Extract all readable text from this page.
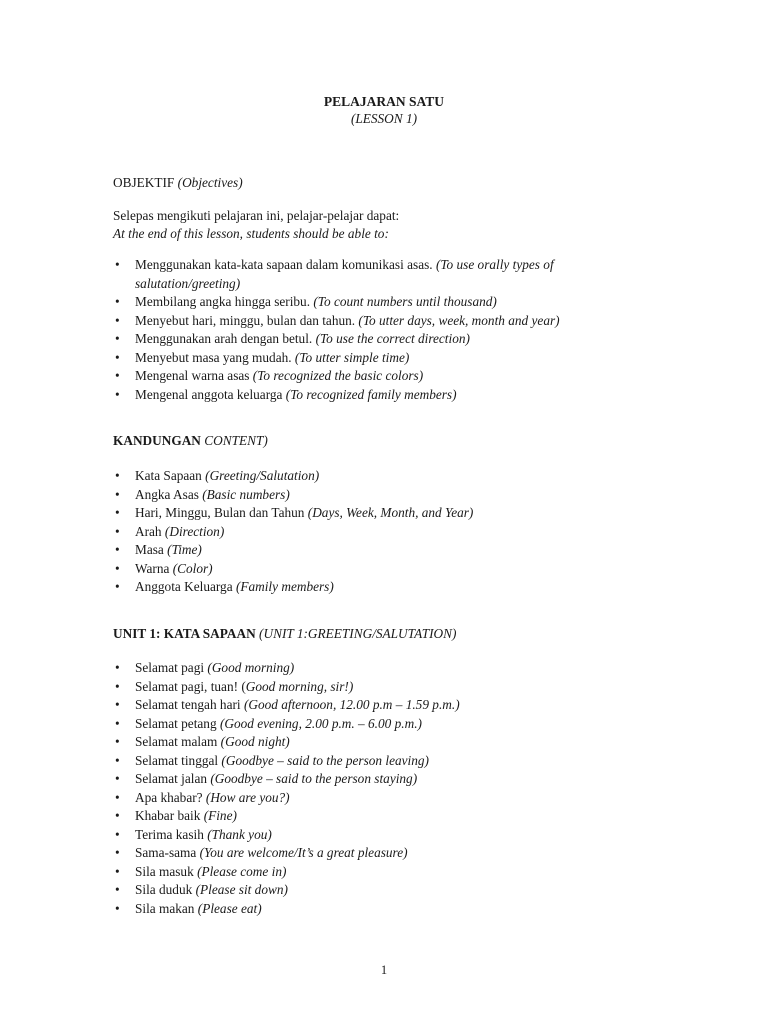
PELAJARAN SATU
(LESSON 1)
OBJEKTIF (Objectives)
Selepas mengikuti pelajaran ini, pelajar-pelajar dapat:
At the end of this lesson, students should be able to:
• Menggunakan kata-kata sapaan dalam komunikasi asas. (To use orally types of salutation/greeting)
• Membilang angka hingga seribu. (To count numbers until thousand)
• Menyebut hari, minggu, bulan dan tahun. (To utter days, week, month and year)
• Menggunakan arah dengan betul. (To use the correct direction)
• Menyebut masa yang mudah. (To utter simple time)
• Mengenal warna asas (To recognized the basic colors)
• Mengenal anggota keluarga (To recognized family members)
KANDUNGAN CONTENT)
• Kata Sapaan (Greeting/Salutation)
• Angka Asas (Basic numbers)
• Hari, Minggu, Bulan dan Tahun (Days, Week, Month, and Year)
• Arah (Direction)
• Masa (Time)
• Warna (Color)
• Anggota Keluarga (Family members)
UNIT 1: KATA SAPAAN (UNIT 1:GREETING/SALUTATION)
• Selamat pagi (Good morning)
• Selamat pagi, tuan! (Good morning, sir!)
• Selamat tengah hari (Good afternoon, 12.00 p.m – 1.59 p.m.)
• Selamat petang (Good evening, 2.00 p.m. – 6.00 p.m.)
• Selamat malam (Good night)
• Selamat tinggal (Goodbye – said to the person leaving)
• Selamat jalan (Goodbye – said to the person staying)
• Apa khabar? (How are you?)
• Khabar baik (Fine)
• Terima kasih (Thank you)
• Sama-sama (You are welcome/It’s a great pleasure)
• Sila masuk (Please come in)
• Sila duduk (Please sit down)
• Sila makan (Please eat)
1
